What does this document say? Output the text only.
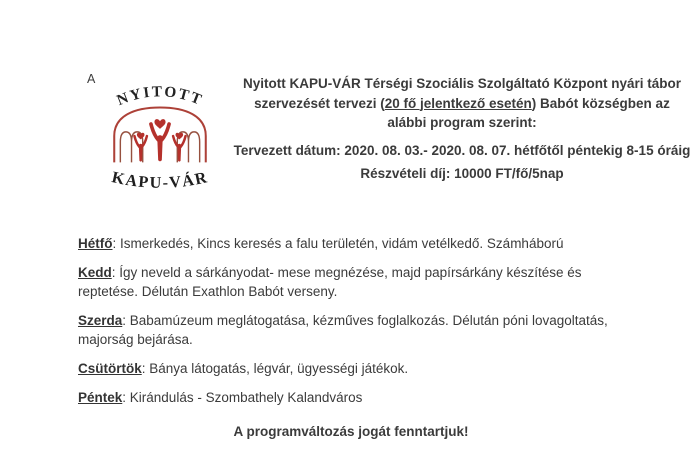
A
NYITOTT
KAPU-VÁR

Nyitott KAPU-VÁR Térségi Szociális Szolgáltató Központ nyári tábor szervezését tervezi (20 fő jelentkező esetén) Babót községben az alábbi program szerint:

Tervezett dátum: 2020. 08. 03.- 2020. 08. 07. hétfőtől péntekig 8-15 óráig

Részvételi díj: 10000 FT/fő/5nap

Hétfő: Ismerkedés, Kincs keresés a falu területén, vidám vetélkedő. Számháború

Kedd: Így neveld a sárkányodat- mese megnézése, majd papírsárkány készítése és reptetése. Délután Exathlon Babót verseny.

Szerda: Babamúzeum meglátogatása, kézműves foglalkozás. Délután póni lovagoltatás, majorság bejárása.

Csütörtök: Bánya látogatás, légvár, ügyességi játékok.

Péntek: Kirándulás - Szombathely Kalandváros

A programváltozás jogát fenntartjuk!
